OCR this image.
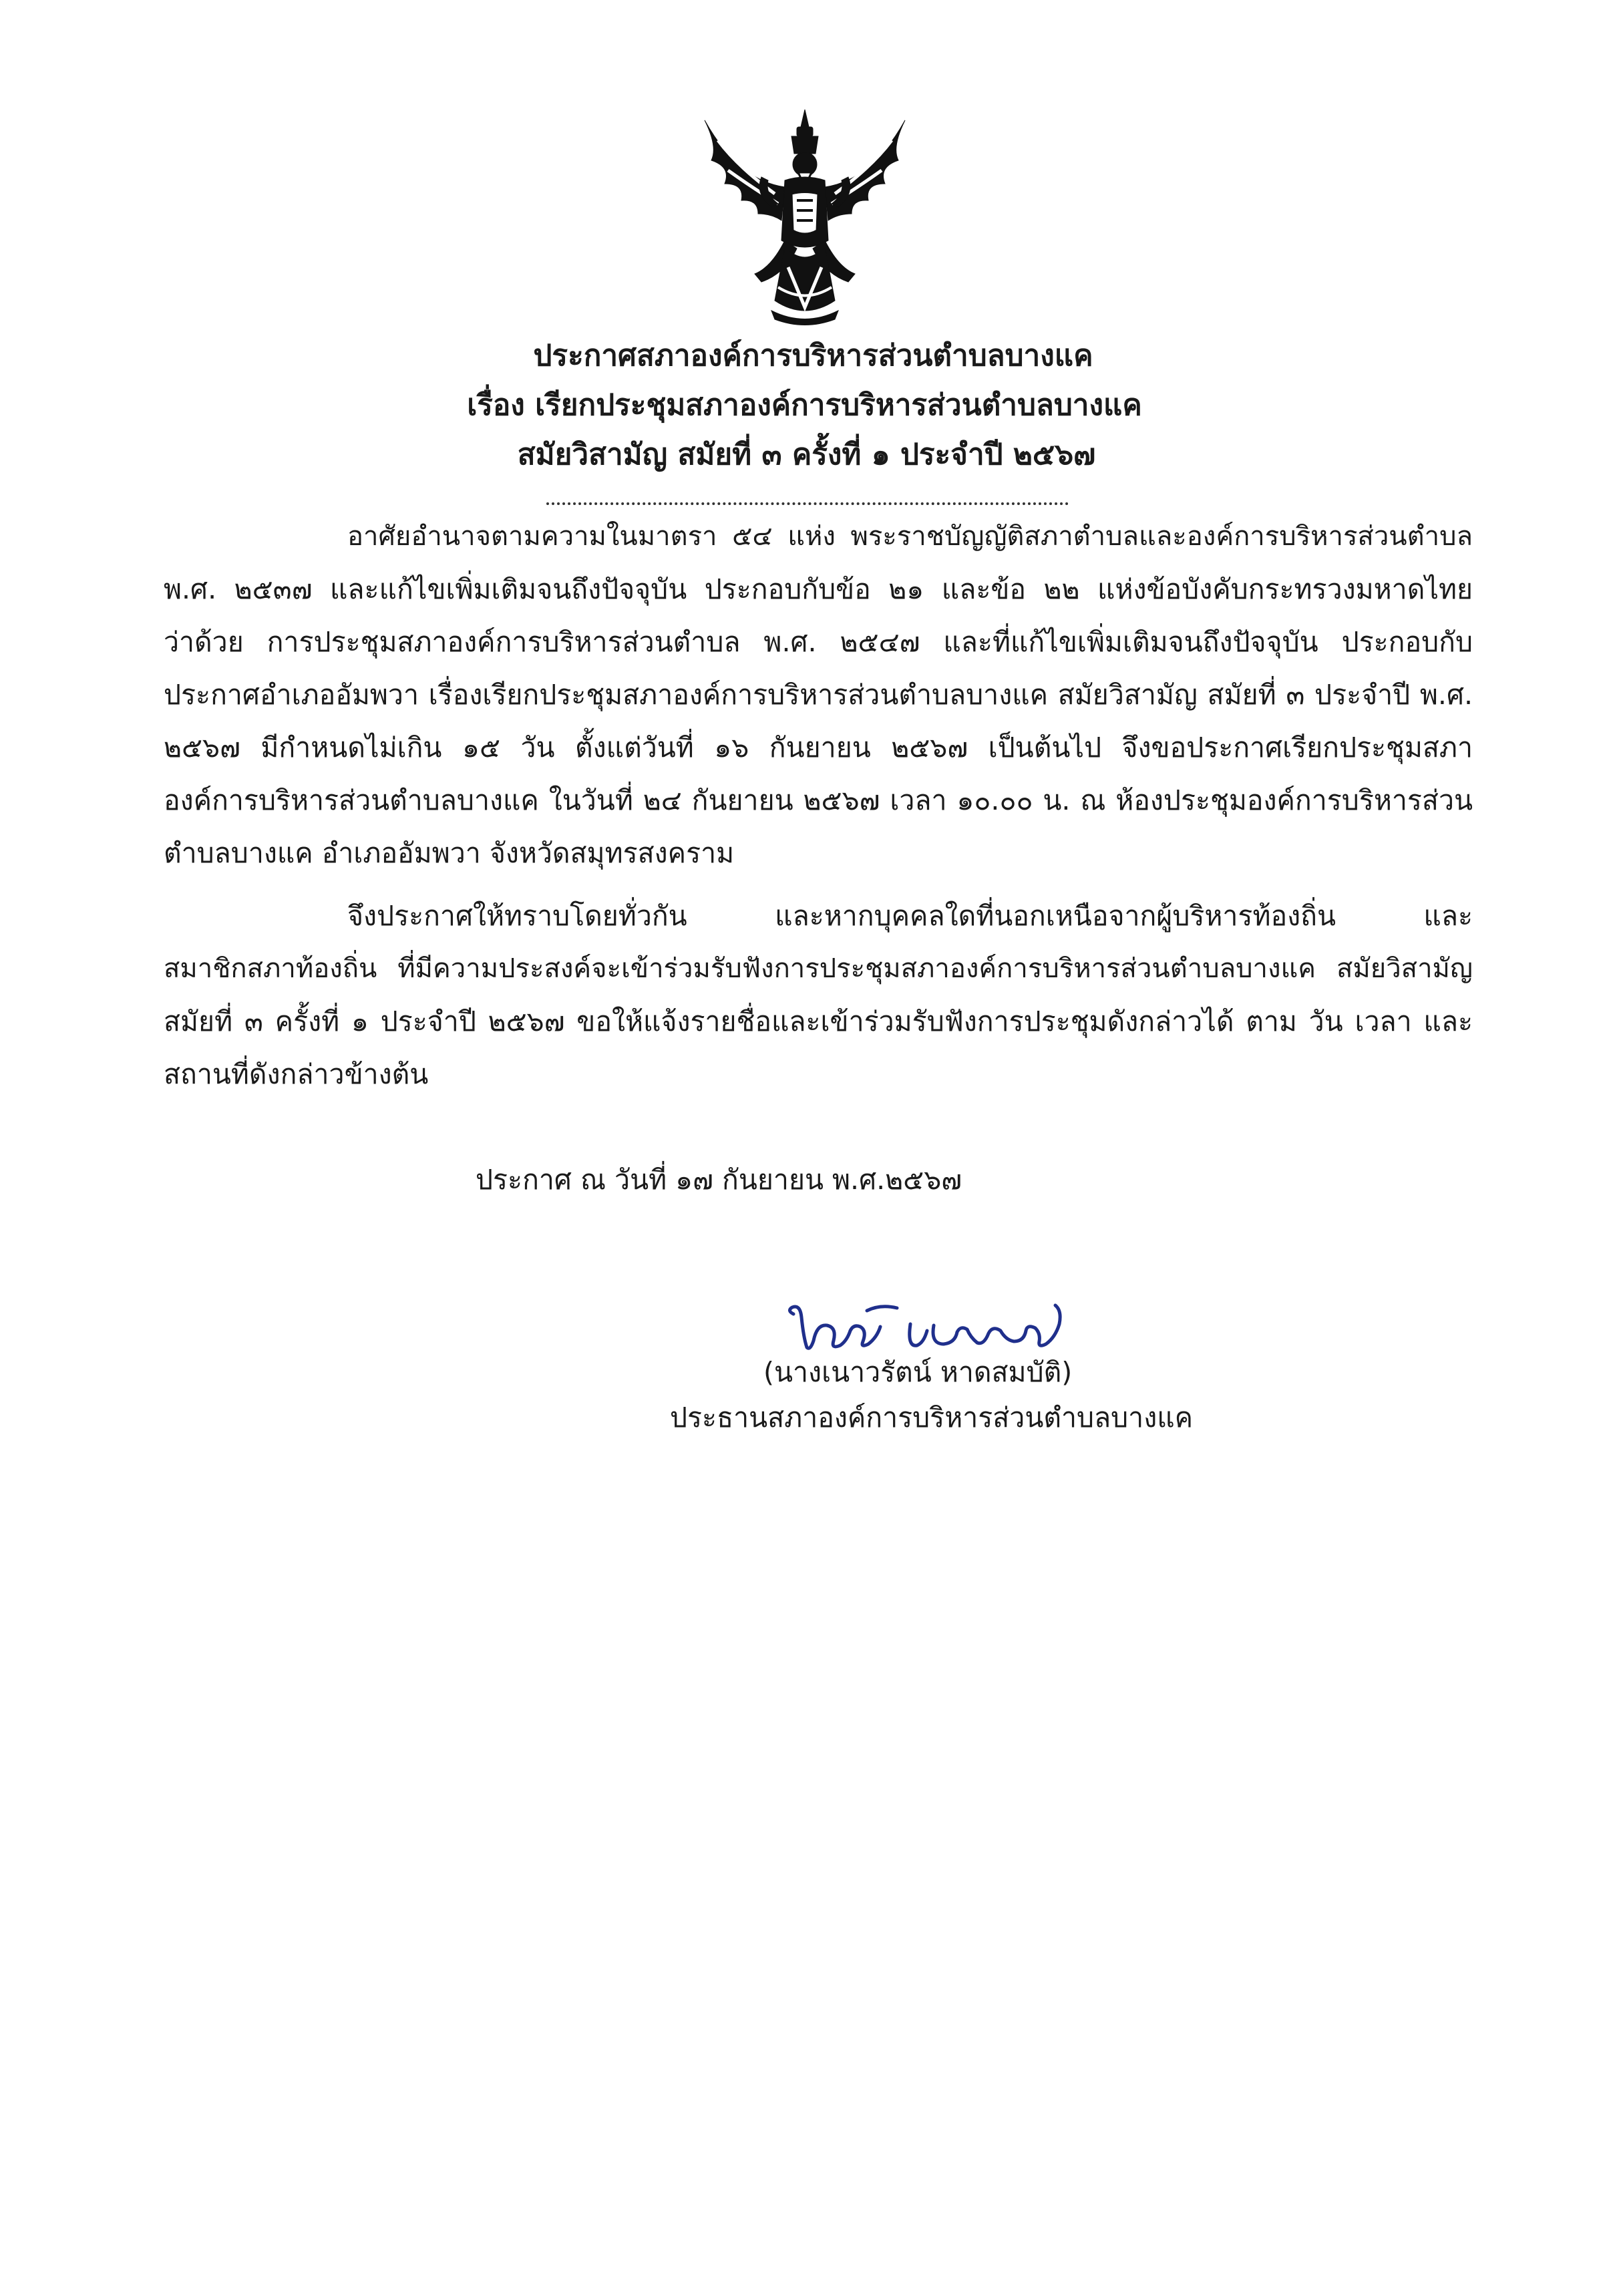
ประกาศสภาองค์การบริหารส่วนตำบลบางแค
เรื่อง เรียกประชุมสภาองค์การบริหารส่วนตำบลบางแค
สมัยวิสามัญ สมัยที่ ๓ ครั้งที่ ๑ ประจำปี ๒๕๖๗
อาศัยอำนาจตามความในมาตรา ๕๔ แห่ง พระราชบัญญัติสภาตำบลและองค์การบริหารส่วนตำบล
พ.ศ. ๒๕๓๗ และแก้ไขเพิ่มเติมจนถึงปัจจุบัน ประกอบกับข้อ ๒๑ และข้อ ๒๒ แห่งข้อบังคับกระทรวงมหาดไทย
ว่าด้วย การประชุมสภาองค์การบริหารส่วนตำบล พ.ศ. ๒๕๔๗ และที่แก้ไขเพิ่มเติมจนถึงปัจจุบัน ประกอบกับ
ประกาศอำเภออัมพวา เรื่องเรียกประชุมสภาองค์การบริหารส่วนตำบลบางแค สมัยวิสามัญ สมัยที่ ๓ ประจำปี พ.ศ.
๒๕๖๗ มีกำหนดไม่เกิน ๑๕ วัน ตั้งแต่วันที่ ๑๖ กันยายน ๒๕๖๗ เป็นต้นไป จึงขอประกาศเรียกประชุมสภา
องค์การบริหารส่วนตำบลบางแค ในวันที่ ๒๔ กันยายน ๒๕๖๗ เวลา ๑๐.๐๐ น. ณ ห้องประชุมองค์การบริหารส่วน
ตำบลบางแค อำเภออัมพวา จังหวัดสมุทรสงคราม
จึงประกาศให้ทราบโดยทั่วกัน และหากบุคคลใดที่นอกเหนือจากผู้บริหารท้องถิ่น และ
สมาชิกสภาท้องถิ่น ที่มีความประสงค์จะเข้าร่วมรับฟังการประชุมสภาองค์การบริหารส่วนตำบลบางแค สมัยวิสามัญ
สมัยที่ ๓ ครั้งที่ ๑ ประจำปี ๒๕๖๗ ขอให้แจ้งรายชื่อและเข้าร่วมรับฟังการประชุมดังกล่าวได้ ตาม วัน เวลา และ
สถานที่ดังกล่าวข้างต้น
ประกาศ ณ วันที่ ๑๗ กันยายน พ.ศ.๒๕๖๗
(นางเนาวรัตน์ หาดสมบัติ)
ประธานสภาองค์การบริหารส่วนตำบลบางแค
